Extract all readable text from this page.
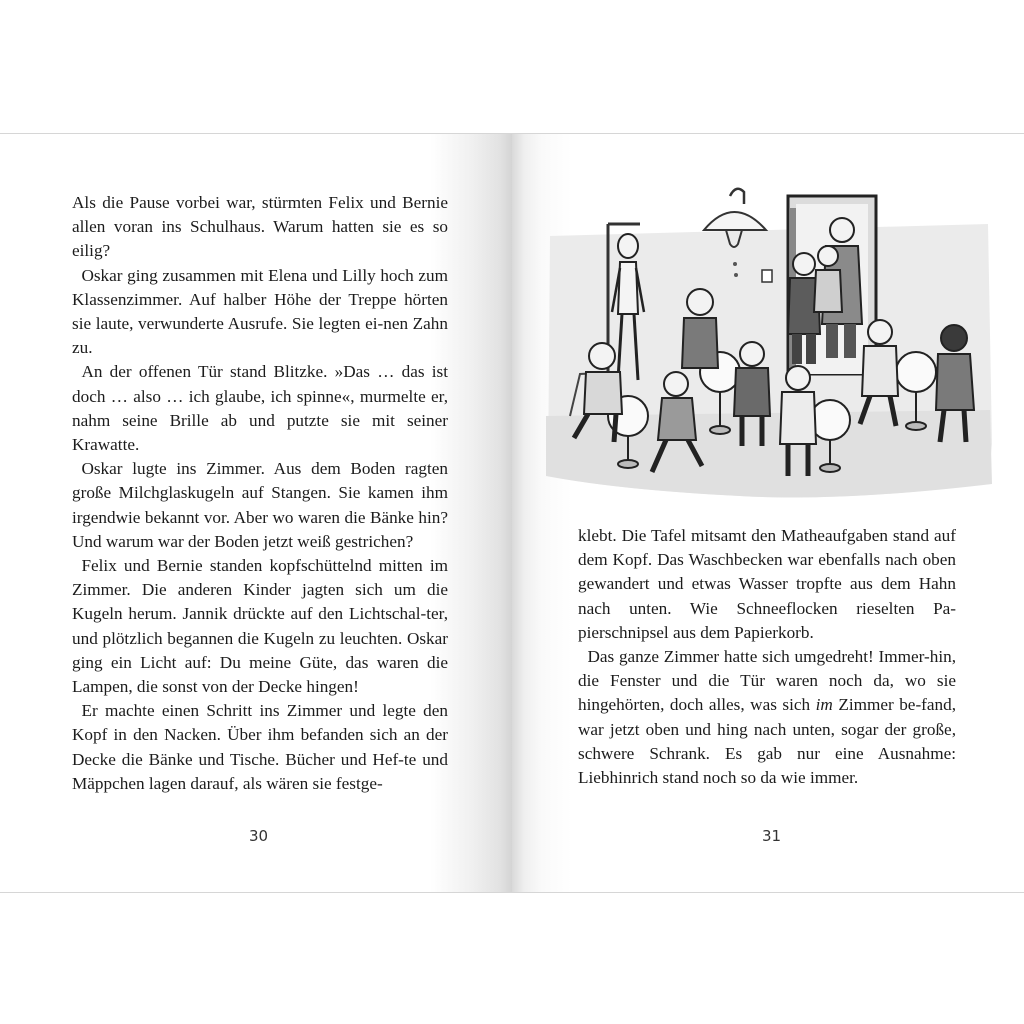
Als die Pause vorbei war, stürmten Felix und Bernie allen voran ins Schulhaus. Warum hatten sie es so eilig?

Oskar ging zusammen mit Elena und Lilly hoch zum Klassenzimmer. Auf halber Höhe der Treppe hörten sie laute, verwunderte Ausrufe. Sie legten ei-nen Zahn zu.

An der offenen Tür stand Blitzke. »Das … das ist doch … also … ich glaube, ich spinne«, murmelte er, nahm seine Brille ab und putzte sie mit seiner Krawatte.

Oskar lugte ins Zimmer. Aus dem Boden ragten große Milchglaskugeln auf Stangen. Sie kamen ihm irgendwie bekannt vor. Aber wo waren die Bänke hin? Und warum war der Boden jetzt weiß gestrichen?

Felix und Bernie standen kopfschüttelnd mitten im Zimmer. Die anderen Kinder jagten sich um die Kugeln herum. Jannik drückte auf den Lichtschal-ter, und plötzlich begannen die Kugeln zu leuchten. Oskar ging ein Licht auf: Du meine Güte, das waren die Lampen, die sonst von der Decke hingen!

Er machte einen Schritt ins Zimmer und legte den Kopf in den Nacken. Über ihm befanden sich an der Decke die Bänke und Tische. Bücher und Hef-te und Mäppchen lagen darauf, als wären sie festge-

30

klebt. Die Tafel mitsamt den Matheaufgaben stand auf dem Kopf. Das Waschbecken war ebenfalls nach oben gewandert und etwas Wasser tropfte aus dem Hahn nach unten. Wie Schneeflocken rieselten Pa-pierschnipsel aus dem Papierkorb.

Das ganze Zimmer hatte sich umgedreht! Immer-hin, die Fenster und die Tür waren noch da, wo sie hingehörten, doch alles, was sich im Zimmer be-fand, war jetzt oben und hing nach unten, sogar der große, schwere Schrank. Es gab nur eine Ausnahme: Liebhinrich stand noch so da wie immer.

31
